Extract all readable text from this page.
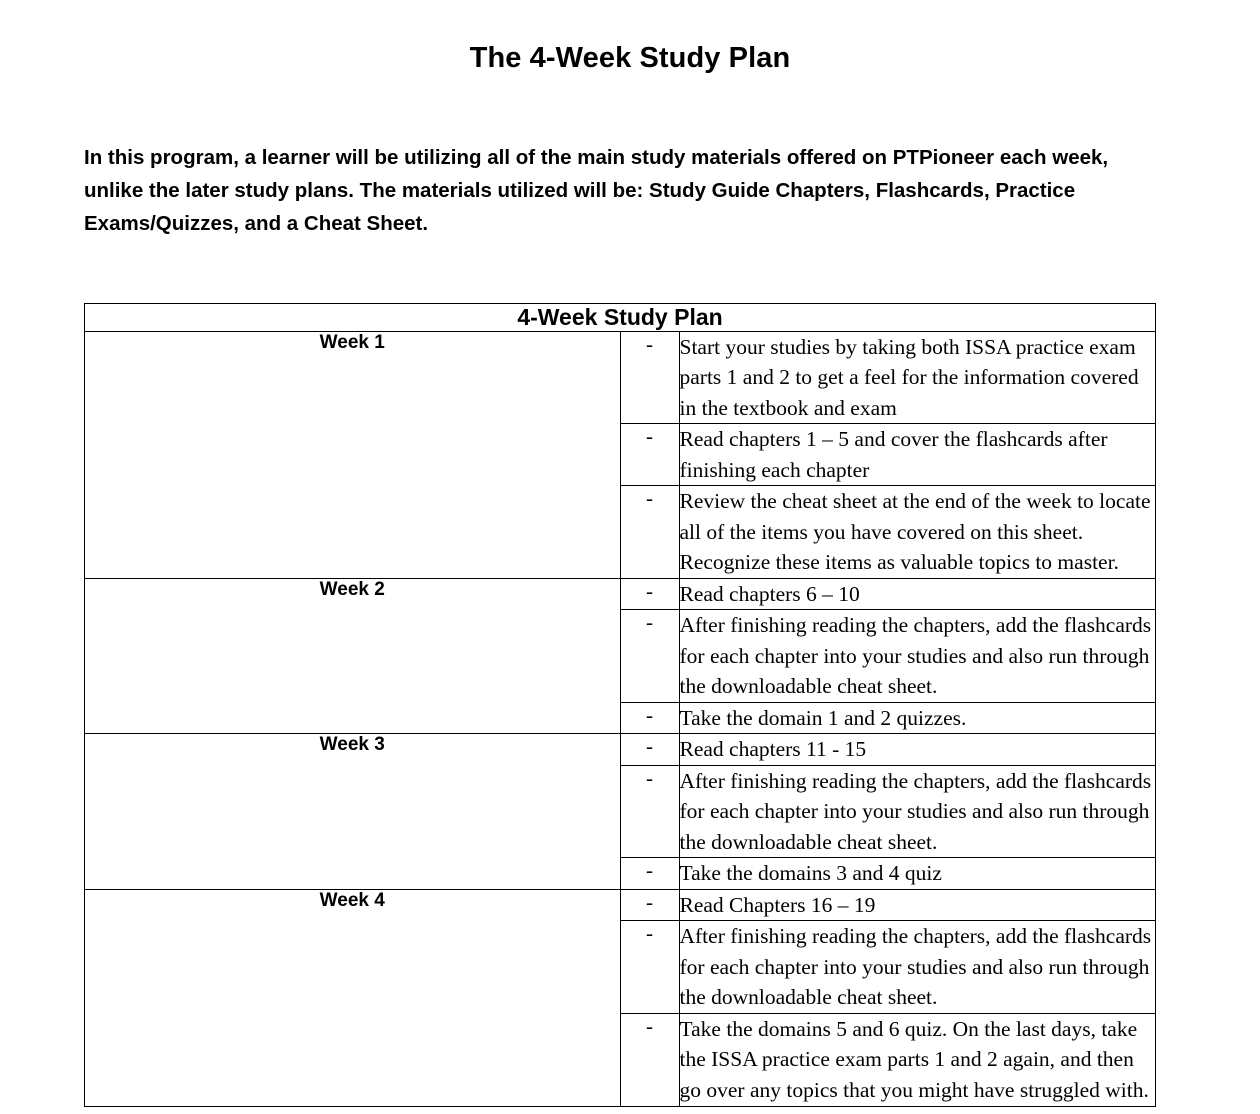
The 4-Week Study Plan

In this program, a learner will be utilizing all of the main study materials offered on PTPioneer each week, unlike the later study plans. The materials utilized will be: Study Guide Chapters, Flashcards, Practice Exams/Quizzes, and a Cheat Sheet.

4-Week Study Plan
Week 1		-	Start your studies by taking both ISSA practice exam parts 1 and 2 to get a feel for the information covered in the textbook and exam
-	Read chapters 1 – 5 and cover the flashcards after finishing each chapter
-	Review the cheat sheet at the end of the week to locate all of the items you have covered on this sheet. Recognize these items as valuable topics to master.

Week 2		-	Read chapters 6 – 10
-	After finishing reading the chapters, add the flashcards for each chapter into your studies and also run through the downloadable cheat sheet.
-	Take the domain 1 and 2 quizzes.

Week 3		-	Read chapters 11 - 15
-	After finishing reading the chapters, add the flashcards for each chapter into your studies and also run through the downloadable cheat sheet.
-	Take the domains 3 and 4 quiz

Week 4		-	Read Chapters 16 – 19
-	After finishing reading the chapters, add the flashcards for each chapter into your studies and also run through the downloadable cheat sheet.
-	Take the domains 5 and 6 quiz. On the last days, take the ISSA practice exam parts 1 and 2 again, and then go over any topics that you might have struggled with.
